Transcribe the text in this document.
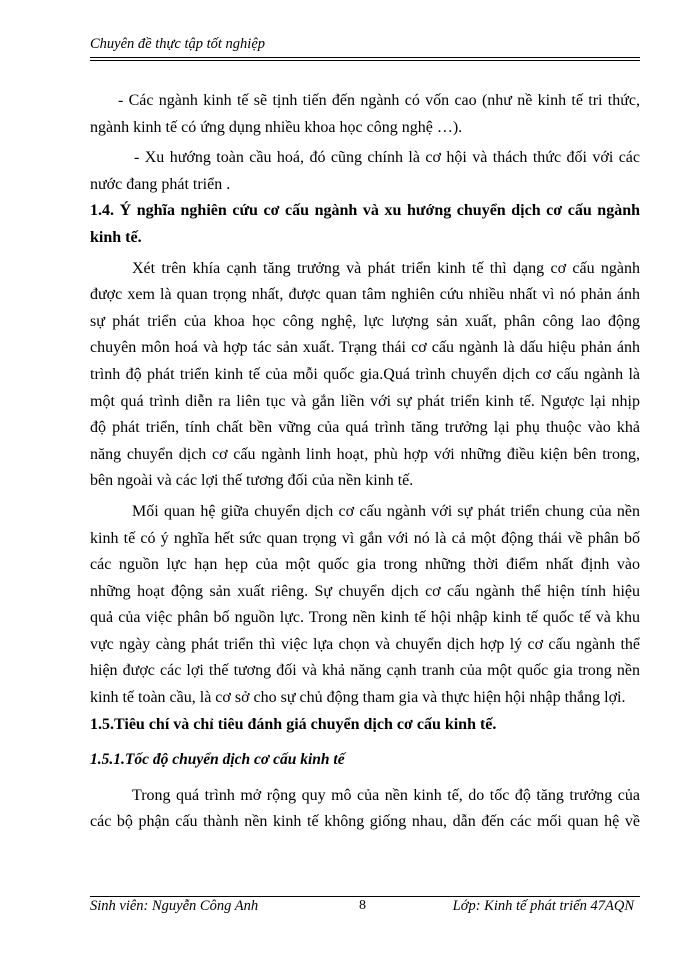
Chuyên đề thực tập tốt nghiệp
- Các ngành kinh tế sẽ tịnh tiến đến ngành có vốn cao (như nề kinh tế tri thức,
ngành kinh tế có ứng dụng nhiều khoa học công nghệ …).
- Xu hướng toàn cầu hoá, đó cũng chính là cơ hội và thách thức đối với các
nước đang phát triển .
1.4. Ý nghĩa nghiên cứu cơ cấu ngành và xu hướng chuyển dịch cơ cấu ngành
kinh tế.
Xét trên khía cạnh tăng trưởng và phát triển kinh tế thì dạng cơ cấu ngành
được xem là quan trọng nhất, được quan tâm nghiên cứu nhiều nhất vì nó phản ánh
sự phát triển của khoa học công nghệ, lực lượng sản xuất, phân công lao động
chuyên môn hoá và hợp tác sản xuất. Trạng thái cơ cấu ngành là dấu hiệu phản ánh
trình độ phát triển kinh tế của mỗi quốc gia.Quá trình chuyển dịch cơ cấu ngành là
một quá trình diễn ra liên tục và gắn liền với sự phát triển kinh tế. Ngược lại nhịp
độ phát triển, tính chất bền vững của quá trình tăng trưởng lại phụ thuộc vào khả
năng chuyển dịch cơ cấu ngành linh hoạt, phù hợp với những điều kiện bên trong,
bên ngoài và các lợi thế tương đối của nền kinh tế.
Mối quan hệ giữa chuyển dịch cơ cấu ngành với sự phát triển chung của nền
kinh tế có ý nghĩa hết sức quan trọng vì gắn với nó là cả một động thái về phân bố
các nguồn lực hạn hẹp của một quốc gia trong những thời điểm nhất định vào
những hoạt động sản xuất riêng. Sự chuyển dịch cơ cấu ngành thể hiện tính hiệu
quả của việc phân bố nguồn lực. Trong nền kinh tế hội nhập kinh tế quốc tế và khu
vực ngày càng phát triển thì việc lựa chọn và chuyển dịch hợp lý cơ cấu ngành thể
hiện được các lợi thế tương đối và khả năng cạnh tranh của một quốc gia trong nền
kinh tế toàn cầu, là cơ sở cho sự chủ động tham gia và thực hiện hội nhập thắng lợi.
1.5.Tiêu chí và chỉ tiêu đánh giá chuyển dịch cơ cấu kinh tế.
1.5.1.Tốc độ chuyển dịch cơ cấu kinh tế
Trong quá trình mở rộng quy mô của nền kinh tế, do tốc độ tăng trưởng của
các bộ phận cấu thành nền kinh tế không giống nhau, dẫn đến các mối quan hệ về
Sinh viên: Nguyễn Công Anh	8	Lớp: Kinh tế phát triển 47AQN
